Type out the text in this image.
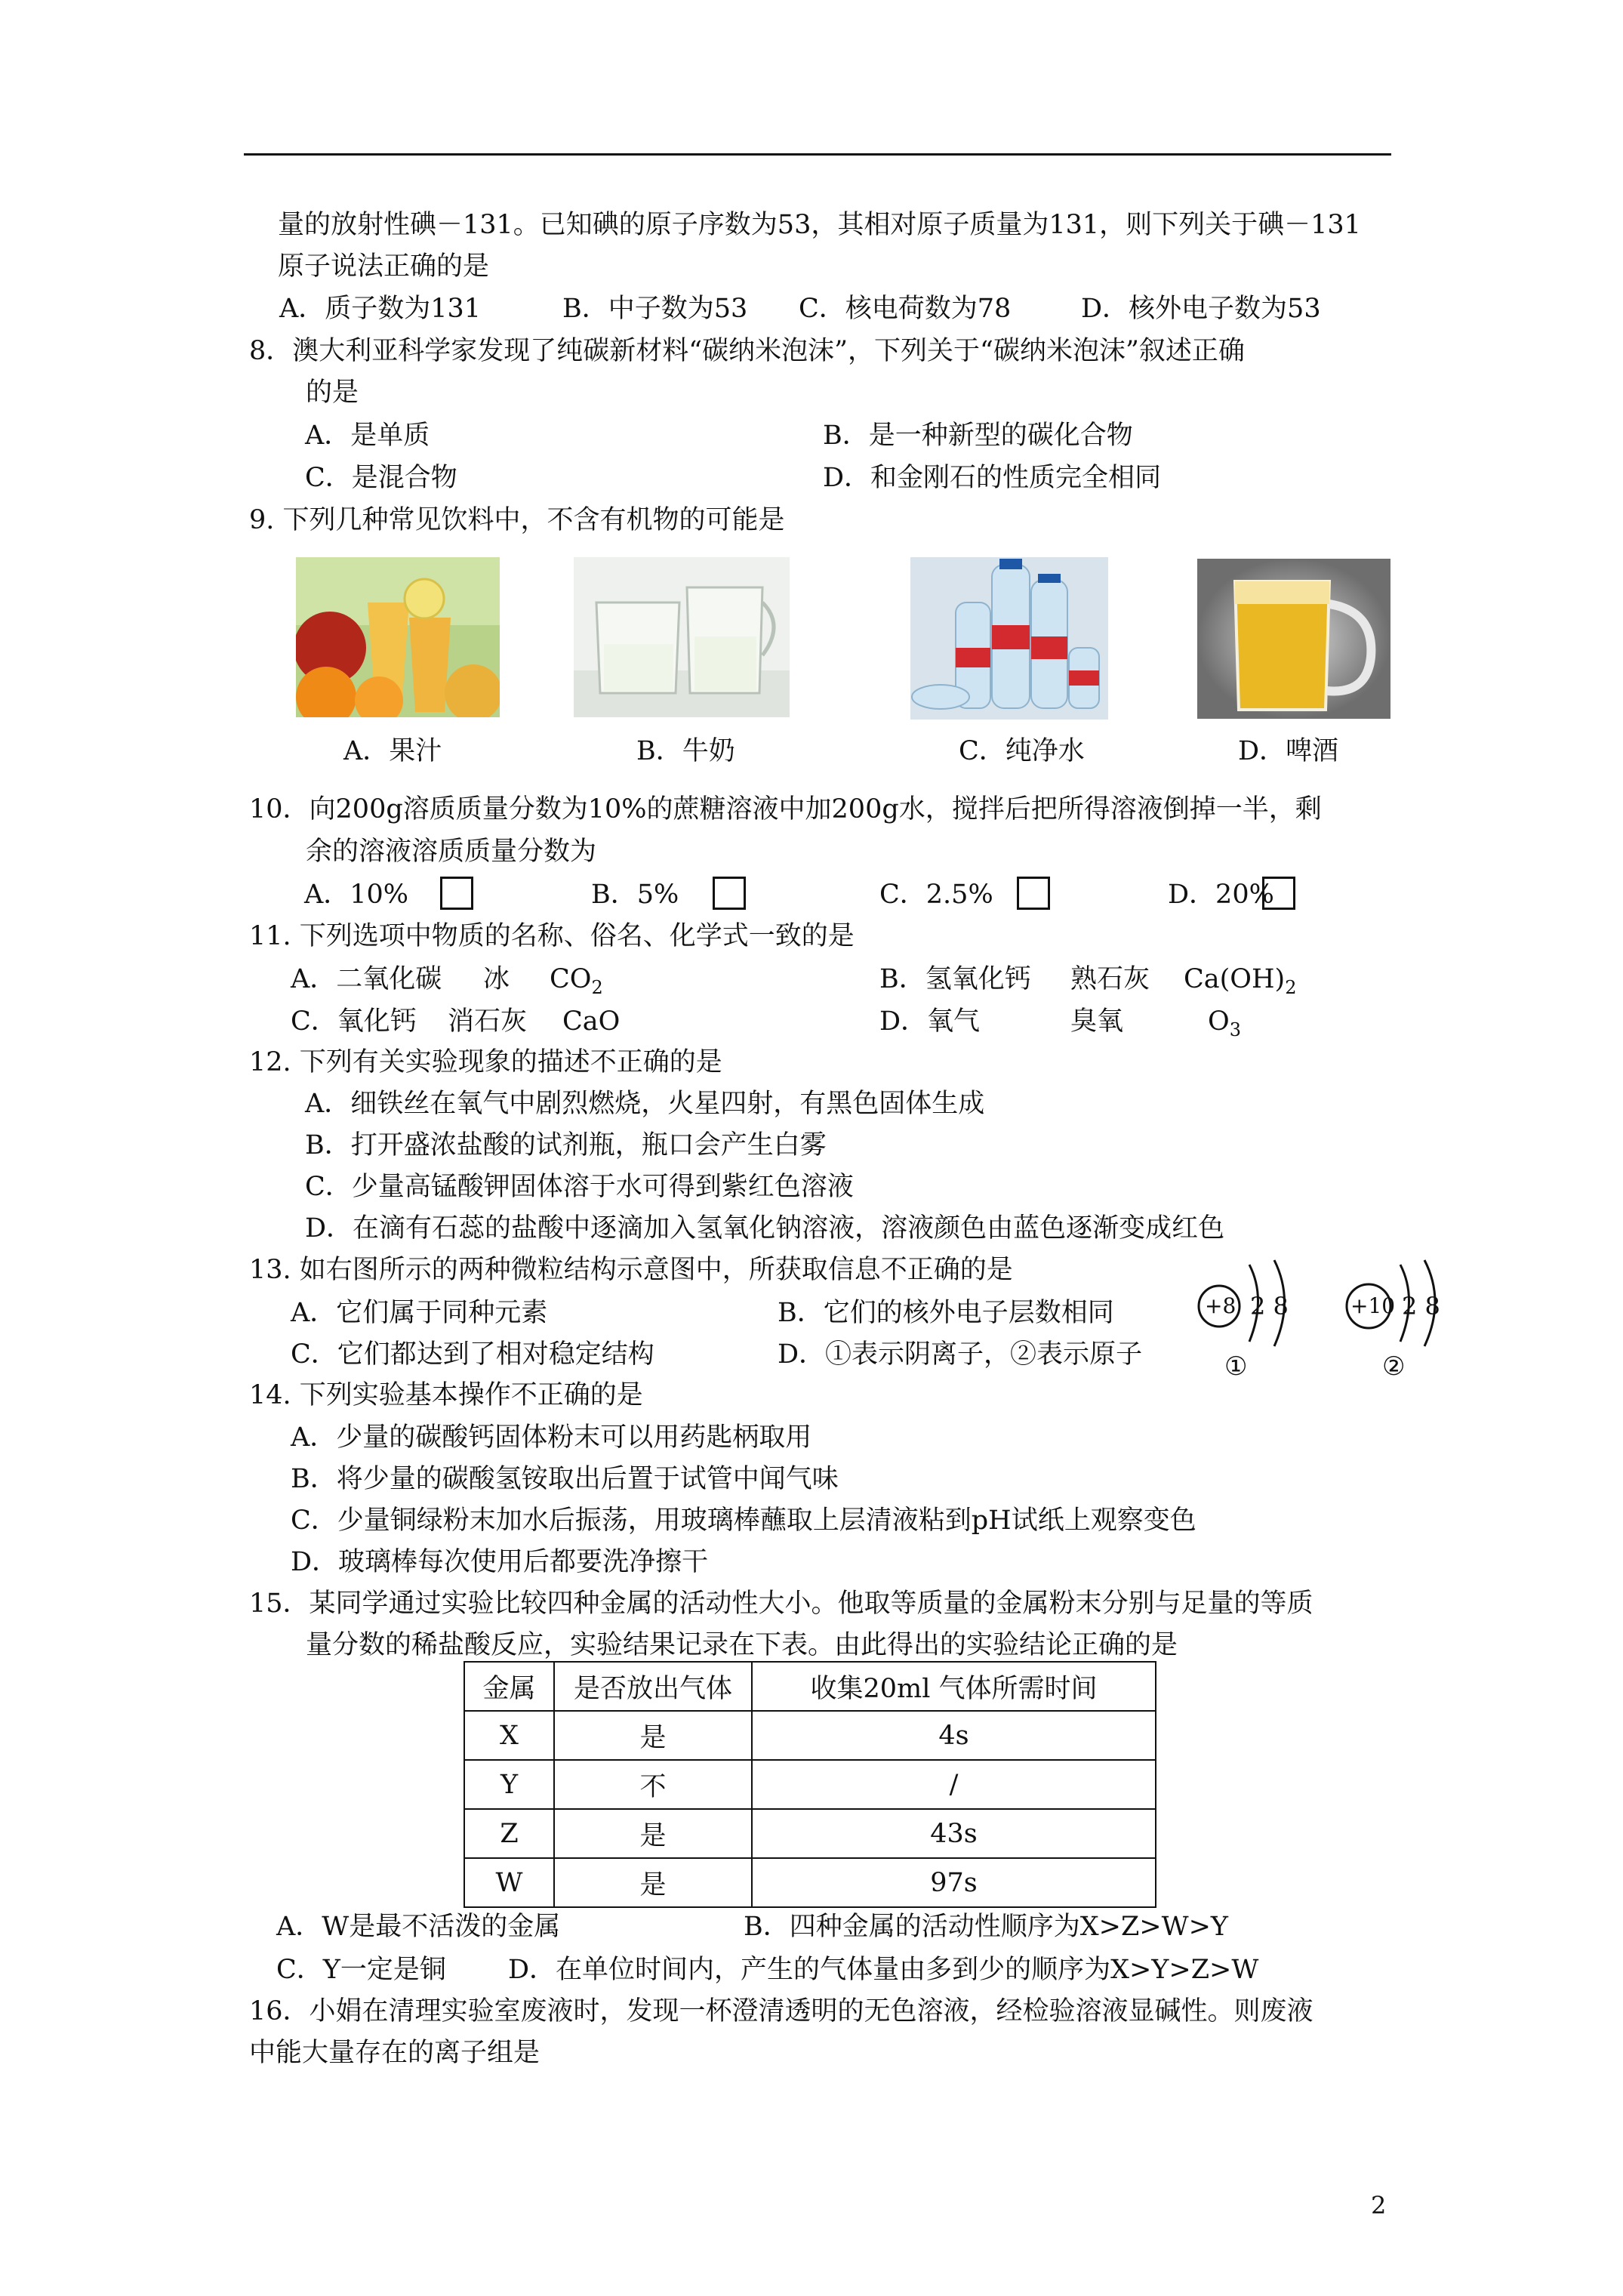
量的放射性碘－131。已知碘的原子序数为53，其相对原子质量为131，则下列关于碘－131
原子说法正确的是
A．质子数为131	B．中子数为53 C．核电荷数为78	D．核外电子数为53
8．澳大利亚科学家发现了纯碳新材料“碳纳米泡沫”，下列关于“碳纳米泡沫”叙述正确
的是
A．是单质	B．是一种新型的碳化合物
C．是混合物	D．和金刚石的性质完全相同
9. 下列几种常见饮料中，不含有机物的可能是
A．果汁	B．牛奶	C．纯净水	D．啤酒
10．向200g溶质质量分数为10%的蔗糖溶液中加200g水，搅拌后把所得溶液倒掉一半，剩
余的溶液溶质质量分数为
A．10%	B．5%	C．2.5%	D．20%
11. 下列选项中物质的名称、俗名、化学式一致的是
A．二氧化碳 冰 $CO_2$	B．氢氧化钙 熟石灰 $Ca(OH)_2$
C．氧化钙 消石灰 CaO	D．氧气	臭氧	$O_3$
12. 下列有关实验现象的描述不正确的是
A．细铁丝在氧气中剧烈燃烧，火星四射，有黑色固体生成
B．打开盛浓盐酸的试剂瓶，瓶口会产生白雾
C．少量高锰酸钾固体溶于水可得到紫红色溶液
D．在滴有石蕊的盐酸中逐滴加入氢氧化钠溶液，溶液颜色由蓝色逐渐变成红色
13. 如右图所示的两种微粒结构示意图中，所获取信息不正确的是
A．它们属于同种元素	B．它们的核外电子层数相同
C．它们都达到了相对稳定结构	D．①表示阴离子，②表示原子
+8 2 8
①
+10 2 8
②
14. 下列实验基本操作不正确的是
A．少量的碳酸钙固体粉末可以用药匙柄取用
B．将少量的碳酸氢铵取出后置于试管中闻气味
C．少量铜绿粉末加水后振荡，用玻璃棒蘸取上层清液粘到pH试纸上观察变色
D．玻璃棒每次使用后都要洗净擦干
15．某同学通过实验比较四种金属的活动性大小。他取等质量的金属粉末分别与足量的等质
量分数的稀盐酸反应，实验结果记录在下表。由此得出的实验结论正确的是
金属	是否放出气体	收集20ml 气体所需时间
X	是	4s
Y	不	/
Z	是	43s
W	是	97s
A．W是最不活泼的金属	B．四种金属的活动性顺序为X>Z>W>Y
C．Y一定是铜 D．在单位时间内，产生的气体量由多到少的顺序为X>Y>Z>W
16．小娟在清理实验室废液时，发现一杯澄清透明的无色溶液，经检验溶液显碱性。则废液
中能大量存在的离子组是
2
